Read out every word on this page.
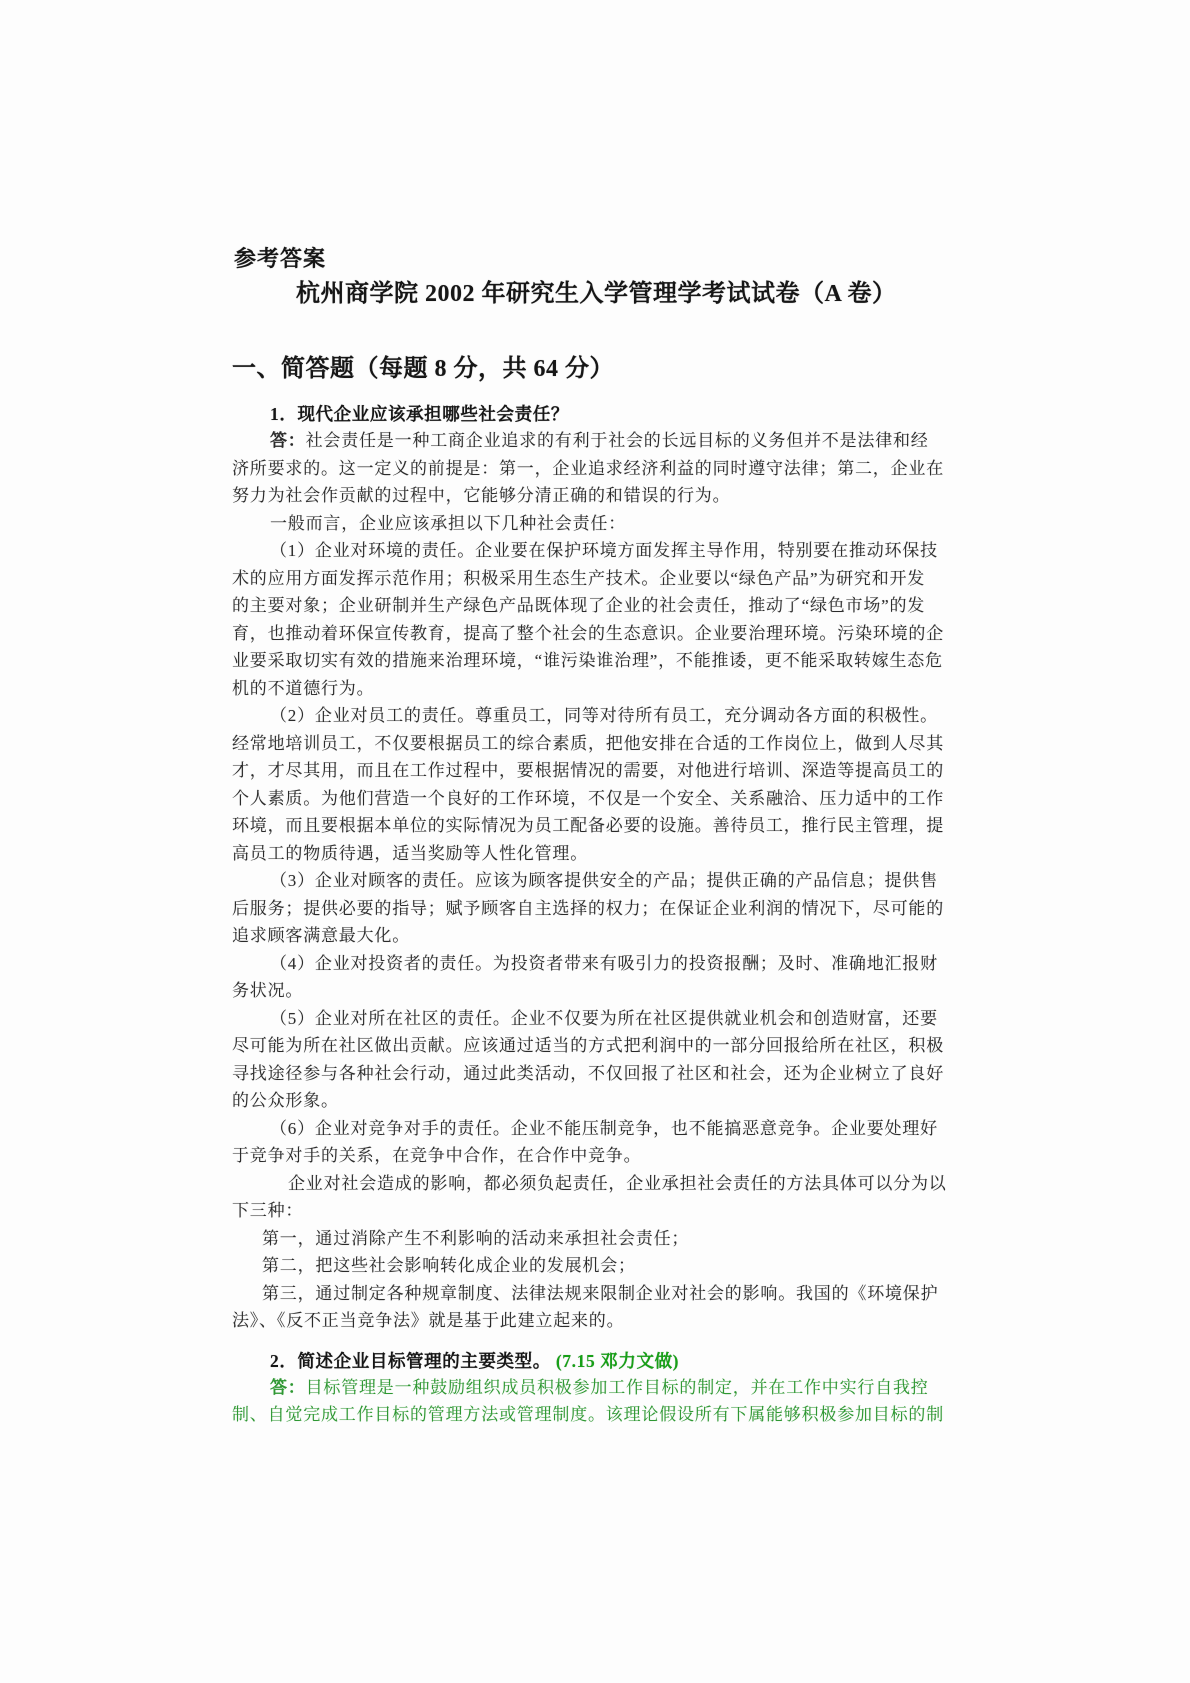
参考答案
杭州商学院 2002 年研究生入学管理学考试试卷（A 卷）
一、简答题（每题 8 分，共 64 分）
1．现代企业应该承担哪些社会责任？
答：社会责任是一种工商企业追求的有利于社会的长远目标的义务但并不是法律和经
济所要求的。这一定义的前提是：第一，企业追求经济利益的同时遵守法律；第二，企业在
努力为社会作贡献的过程中，它能够分清正确的和错误的行为。
一般而言，企业应该承担以下几种社会责任：
（1）企业对环境的责任。企业要在保护环境方面发挥主导作用，特别要在推动环保技
术的应用方面发挥示范作用；积极采用生态生产技术。企业要以“绿色产品”为研究和开发
的主要对象；企业研制并生产绿色产品既体现了企业的社会责任，推动了“绿色市场”的发
育，也推动着环保宣传教育，提高了整个社会的生态意识。企业要治理环境。污染环境的企
业要采取切实有效的措施来治理环境，“谁污染谁治理”，不能推诿，更不能采取转嫁生态危
机的不道德行为。
（2）企业对员工的责任。尊重员工，同等对待所有员工，充分调动各方面的积极性。
经常地培训员工，不仅要根据员工的综合素质，把他安排在合适的工作岗位上，做到人尽其
才，才尽其用，而且在工作过程中，要根据情况的需要，对他进行培训、深造等提高员工的
个人素质。为他们营造一个良好的工作环境，不仅是一个安全、关系融洽、压力适中的工作
环境，而且要根据本单位的实际情况为员工配备必要的设施。善待员工，推行民主管理，提
高员工的物质待遇，适当奖励等人性化管理。
（3）企业对顾客的责任。应该为顾客提供安全的产品；提供正确的产品信息；提供售
后服务；提供必要的指导；赋予顾客自主选择的权力；在保证企业利润的情况下，尽可能的
追求顾客满意最大化。
（4）企业对投资者的责任。为投资者带来有吸引力的投资报酬；及时、准确地汇报财
务状况。
（5）企业对所在社区的责任。企业不仅要为所在社区提供就业机会和创造财富，还要
尽可能为所在社区做出贡献。应该通过适当的方式把利润中的一部分回报给所在社区，积极
寻找途径参与各种社会行动，通过此类活动，不仅回报了社区和社会，还为企业树立了良好
的公众形象。
（6）企业对竞争对手的责任。企业不能压制竞争，也不能搞恶意竞争。企业要处理好
于竞争对手的关系，在竞争中合作，在合作中竞争。
企业对社会造成的影响，都必须负起责任，企业承担社会责任的方法具体可以分为以
下三种：
第一，通过消除产生不利影响的活动来承担社会责任；
第二，把这些社会影响转化成企业的发展机会；
第三，通过制定各种规章制度、法律法规来限制企业对社会的影响。我国的《环境保护
法》、《反不正当竞争法》就是基于此建立起来的。
2．简述企业目标管理的主要类型。 (7.15 邓力文做)
答：目标管理是一种鼓励组织成员积极参加工作目标的制定，并在工作中实行自我控
制、自觉完成工作目标的管理方法或管理制度。该理论假设所有下属能够积极参加目标的制
